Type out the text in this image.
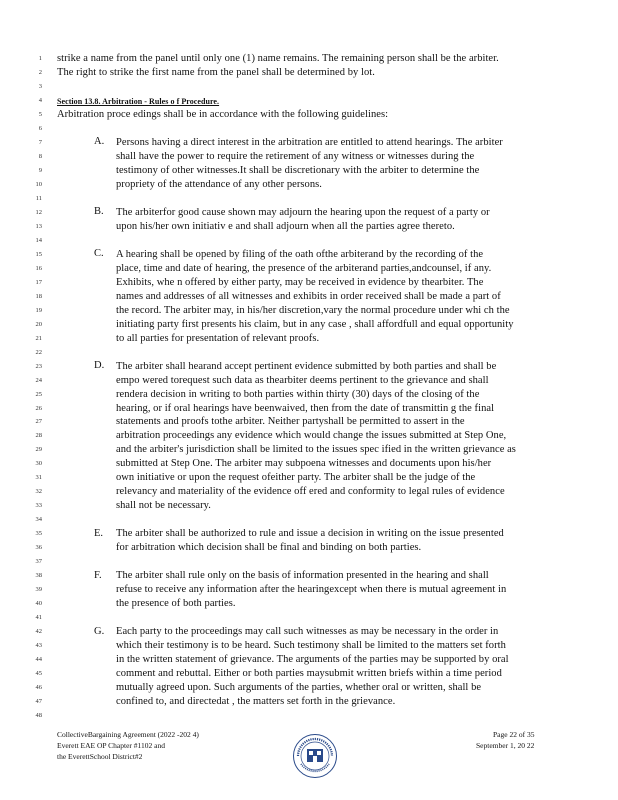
1 strike a name from the panel until only one (1) name remains. The remaining person shall be the arbiter.
2 The right to strike the first name from the panel shall be determined by lot.
3
4 Section 13.8. Arbitration - Rules o f Procedure.
5 Arbitration proce edings shall be in accordance with the following guidelines:
6
7	Persons having a direct interest in the arbitration are entitled to attend hearings. The arbiter
8	shall have the power to require the retirement of any witness or witnesses during the
9	testimony of other witnesses.It shall be discretionary with the arbiter to determine the
10	propriety of the attendance of any other persons.
11
12	The arbiterfor good cause shown may adjourn the hearing upon the request of a party or
13	upon his/her own initiativ e and shall adjourn when all the parties agree thereto.
14
15	A hearing shall be opened by filing of the oath ofthe arbiterand by the recording of the
16	place, time and date of hearing, the presence of the arbiterand parties,andcounsel, if any.
17	Exhibits, whe n offered by either party, may be received in evidence by thearbiter. The
18	names and addresses of all witnesses and exhibits in order received shall be made a part of
19	the record. The arbiter may, in his/her discretion,vary the normal procedure under whi ch the
20	initiating party first presents his claim, but in any case , shall affordfull and equal opportunity
21	to all parties for presentation of relevant proofs.
22
23	The arbiter shall hearand accept pertinent evidence submitted by both parties and shall be
24	empo wered torequest such data as thearbiter deems pertinent to the grievance and shall
25	rendera decision in writing to both parties within thirty (30) days of the closing of the
26	hearing, or if oral hearings have beenwaived, then from the date of transmittin g the final
27	statements and proofs tothe arbiter. Neither partyshall be permitted to assert in the
28	arbitration proceedings any evidence which would change the issues submitted at Step One,
29	and the arbiter's jurisdiction shall be limited to the issues spec ified in the written grievance as
30	submitted at Step One. The arbiter may subpoena witnesses and documents upon his/her
31	own initiative or upon the request ofeither party. The arbiter shall be the judge of the
32	relevancy and materiality of the evidence off ered and conformity to legal rules of evidence
33	shall not be necessary.
34
35	The arbiter shall be authorized to rule and issue a decision in writing on the issue presented
36	for arbitration which decision shall be final and binding on both parties.
37
38	The arbiter shall rule only on the basis of information presented in the hearing and shall
39	refuse to receive any information after the hearingexcept when there is mutual agreement in
40	the presence of both parties.
41
42	Each party to the proceedings may call such witnesses as may be necessary in the order in
43	which their testimony is to be heard. Such testimony shall be limited to the matters set forth
44	in the written statement of grievance. The arguments of the parties may be supported by oral
45	comment and rebuttal. Either or both parties maysubmit written briefs within a time period
46	mutually agreed upon. Such arguments of the parties, whether oral or written, shall be
47	confined to, and directedat , the matters set forth in the grievance.
48
A.
B.
C.
D.
E.
F.
G.
CollectiveBargaining Agreement (2022 -202 4)
Everett EAE OP Chapter #1102 and
the EverettSchool District#2
Page 22 of 35
September 1, 20 22
